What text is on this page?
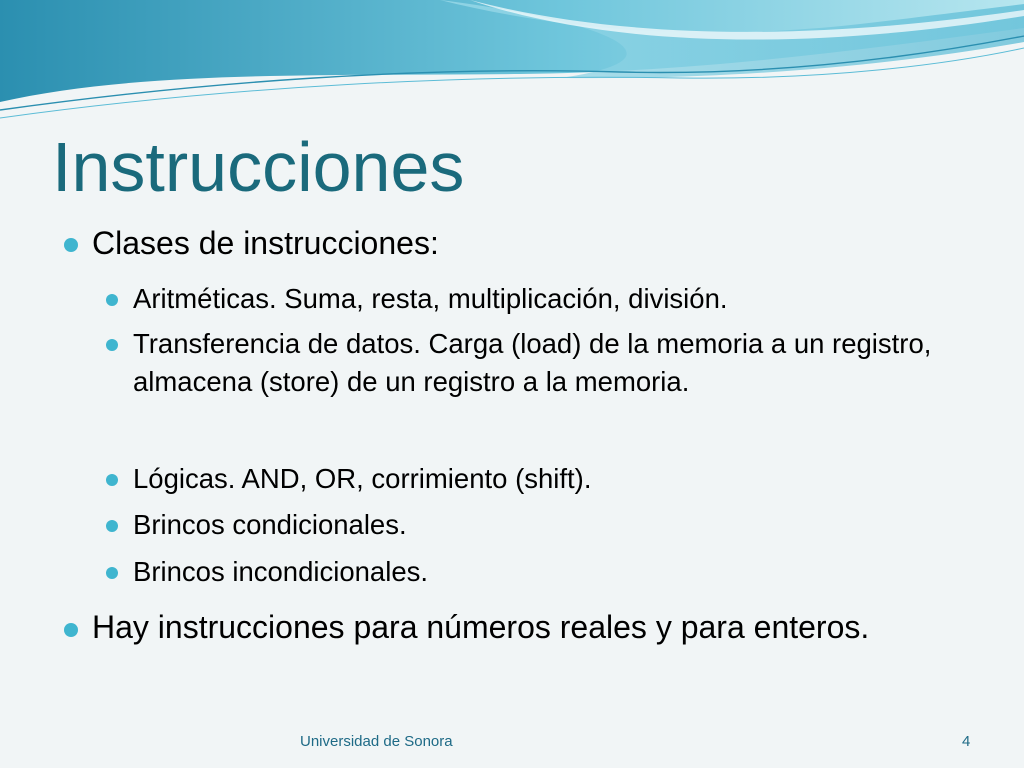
Instrucciones

Clases de instrucciones:

Aritméticas. Suma, resta, multiplicación, división.

Transferencia de datos. Carga (load) de la memoria a un registro, almacena (store) de un registro a la memoria.

Lógicas. AND, OR, corrimiento (shift).

Brincos condicionales.

Brincos incondicionales.

Hay instrucciones para números reales y para enteros.

Universidad de Sonora	4
